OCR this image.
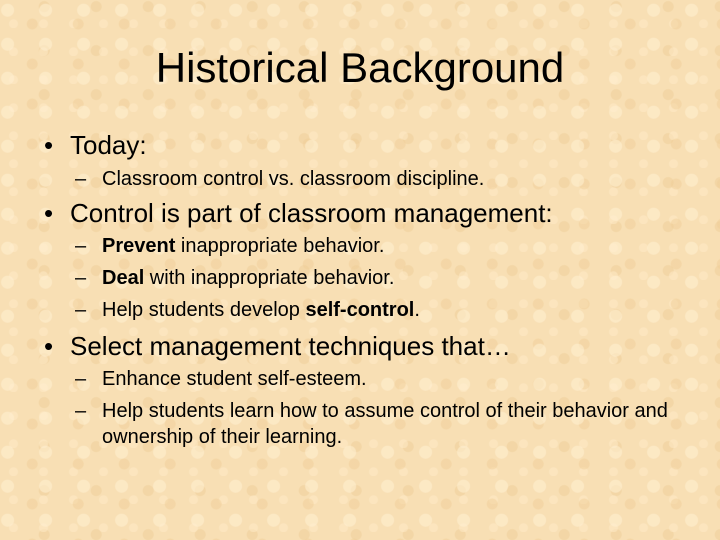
Historical Background
• Today:
– Classroom control vs. classroom discipline.
• Control is part of classroom management:
– Prevent inappropriate behavior.
– Deal with inappropriate behavior.
– Help students develop self-control.
• Select management techniques that…
– Enhance student self-esteem.
– Help students learn how to assume control of their behavior and ownership of their learning.
